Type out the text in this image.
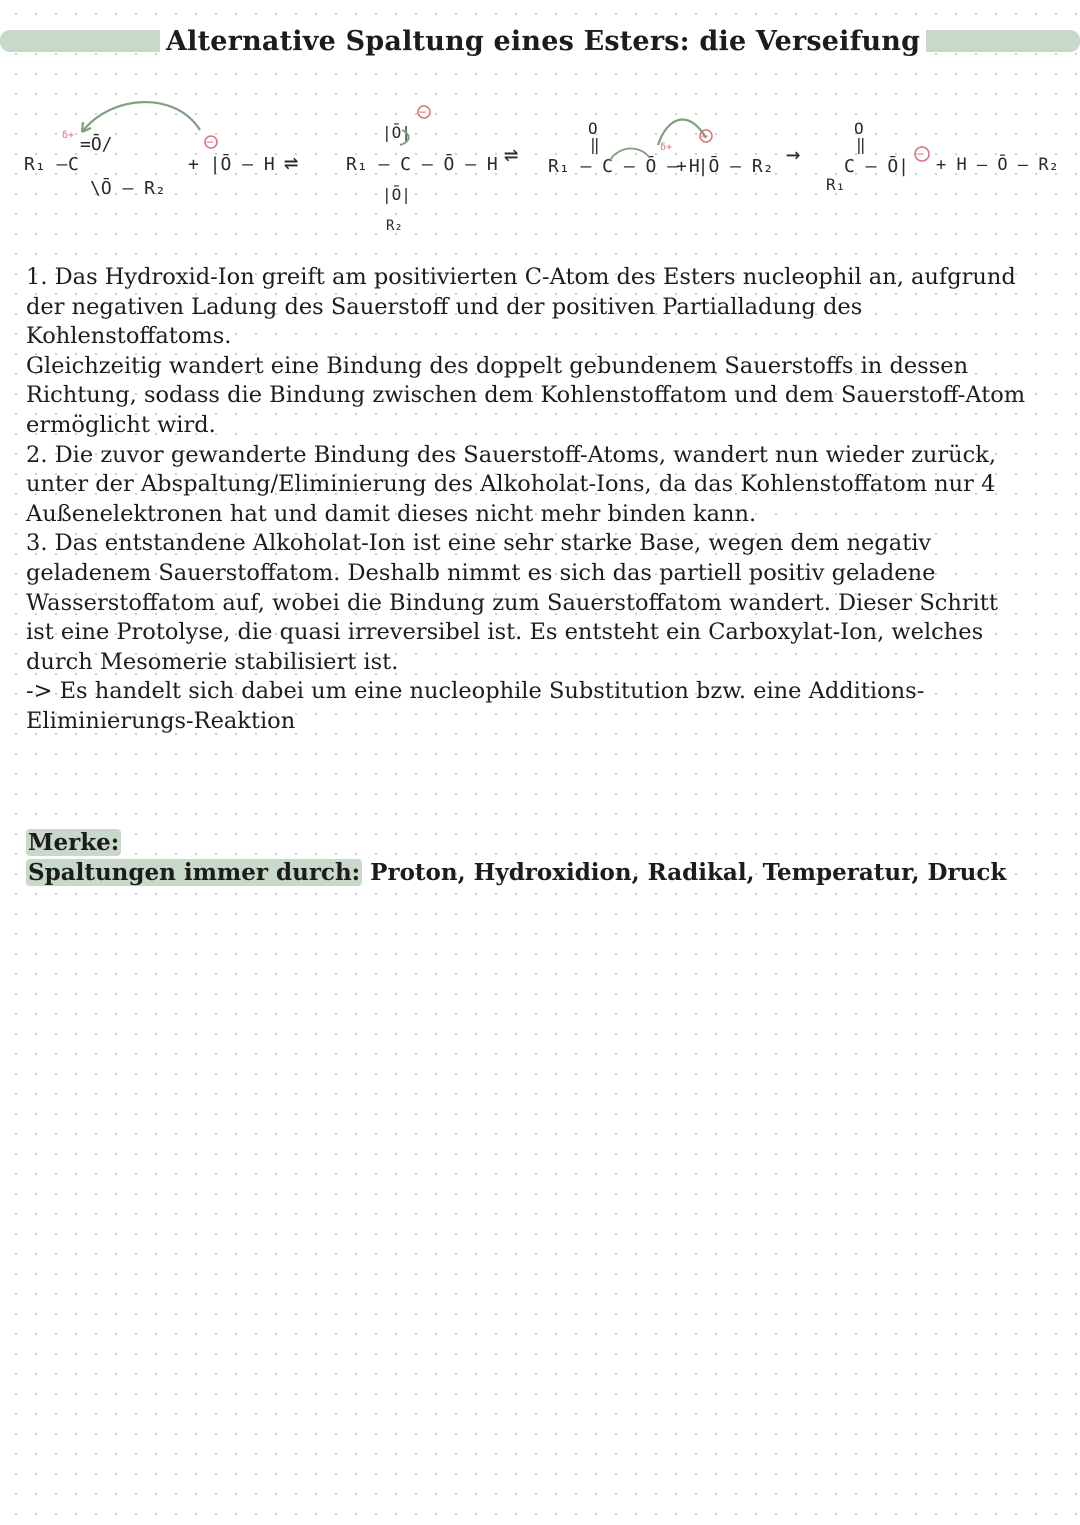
Alternative Spaltung eines Esters: die Verseifung
R₁ – C
=Ō/
\Ō – R₂
δ+
+ |Ō – H
−
⇌
|Ō|
−
R₁ – C – Ō – H
|Ō|
R₂
⇌
O
‖
R₁ – C – Ō – H
δ+
+ |Ō – R₂
−
→
O
‖
C – Ō|
R₁
−
+ H – Ō – R₂

1. Das Hydroxid-Ion greift am positivierten C-Atom des Esters nucleophil an, aufgrund der negativen Ladung des Sauerstoff und der positiven Partialladung des Kohlenstoffatoms.

Gleichzeitig wandert eine Bindung des doppelt gebundenem Sauerstoffs in dessen Richtung, sodass die Bindung zwischen dem Kohlenstoffatom und dem Sauerstoff-Atom ermöglicht wird.

2. Die zuvor gewanderte Bindung des Sauerstoff-Atoms, wandert nun wieder zurück, unter der Abspaltung/Eliminierung des Alkoholat-Ions, da das Kohlenstoffatom nur 4 Außenelektronen hat und damit dieses nicht mehr binden kann.

3. Das entstandene Alkoholat-Ion ist eine sehr starke Base, wegen dem negativ geladenem Sauerstoffatom. Deshalb nimmt es sich das partiell positiv geladene Wasserstoffatom auf, wobei die Bindung zum Sauerstoffatom wandert. Dieser Schritt ist eine Protolyse, die quasi irreversibel ist. Es entsteht ein Carboxylat-Ion, welches durch Mesomerie stabilisiert ist.

-> Es handelt sich dabei um eine nucleophile Substitution bzw. eine Additions-Eliminierungs-Reaktion

Merke:

Spaltungen immer durch: Proton, Hydroxidion, Radikal, Temperatur, Druck
